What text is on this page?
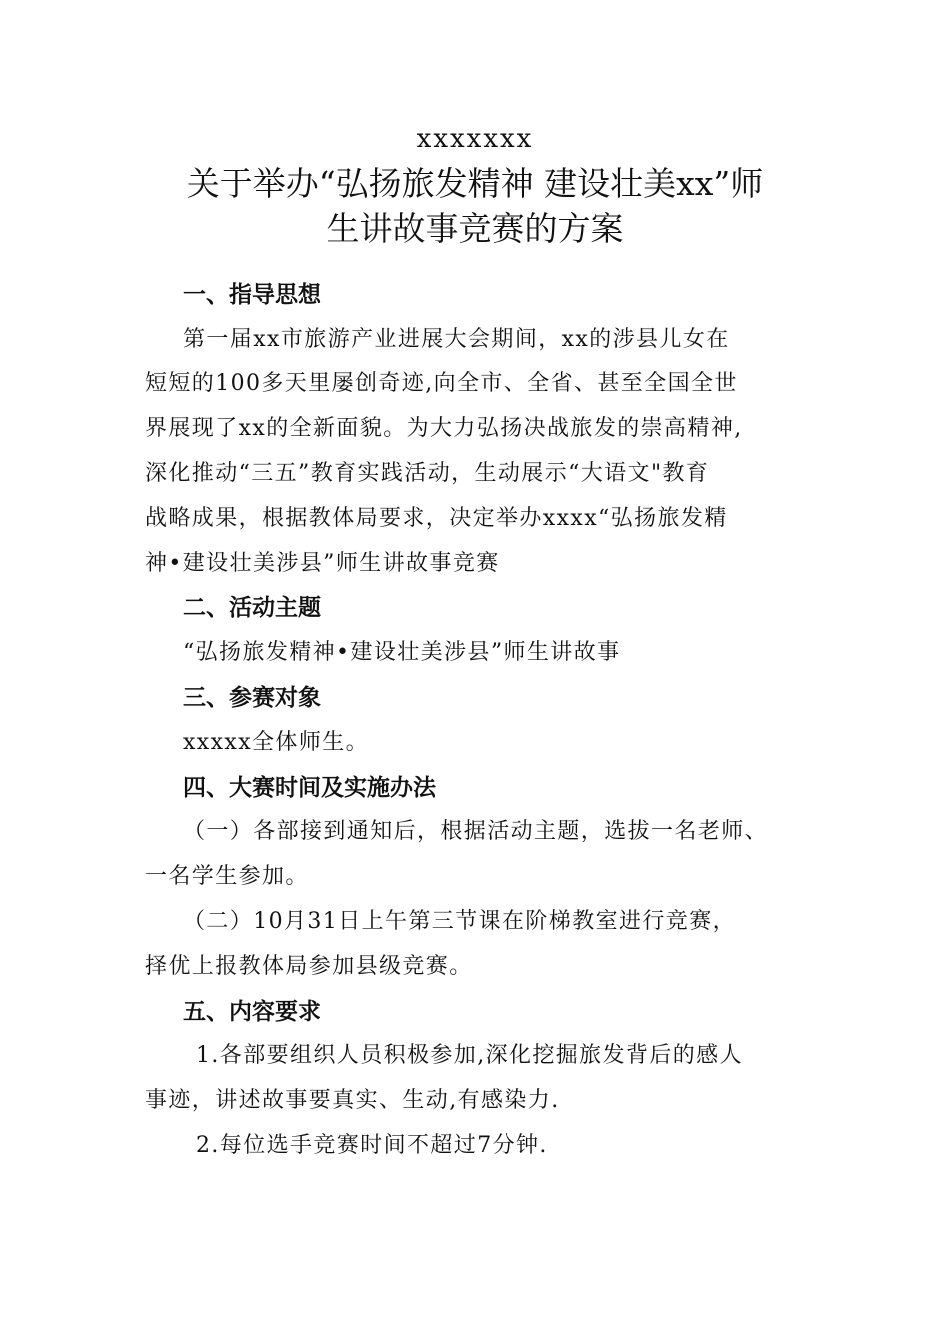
xxxxxxx
关于举办“弘扬旅发精神 建设壮美xx”师
生讲故事竞赛的方案
一、指导思想
第一届xx市旅游产业进展大会期间，xx的涉县儿女在
短短的100多天里屡创奇迹,向全市、全省、甚至全国全世
界展现了xx的全新面貌。为大力弘扬决战旅发的崇高精神,
深化推动“三五”教育实践活动，生动展示“大语文"教育
战略成果，根据教体局要求，决定举办xxxx“弘扬旅发精
神•建设壮美涉县”师生讲故事竞赛
二、活动主题
“弘扬旅发精神•建设壮美涉县”师生讲故事
三、参赛对象
xxxxx全体师生。
四、大赛时间及实施办法
（一）各部接到通知后，根据活动主题，选拔一名老师、
一名学生参加。
（二）10月31日上午第三节课在阶梯教室进行竞赛，
择优上报教体局参加县级竞赛。
五、内容要求
1.各部要组织人员积极参加,深化挖掘旅发背后的感人
事迹，讲述故事要真实、生动,有感染力.
2.每位选手竞赛时间不超过7分钟.
